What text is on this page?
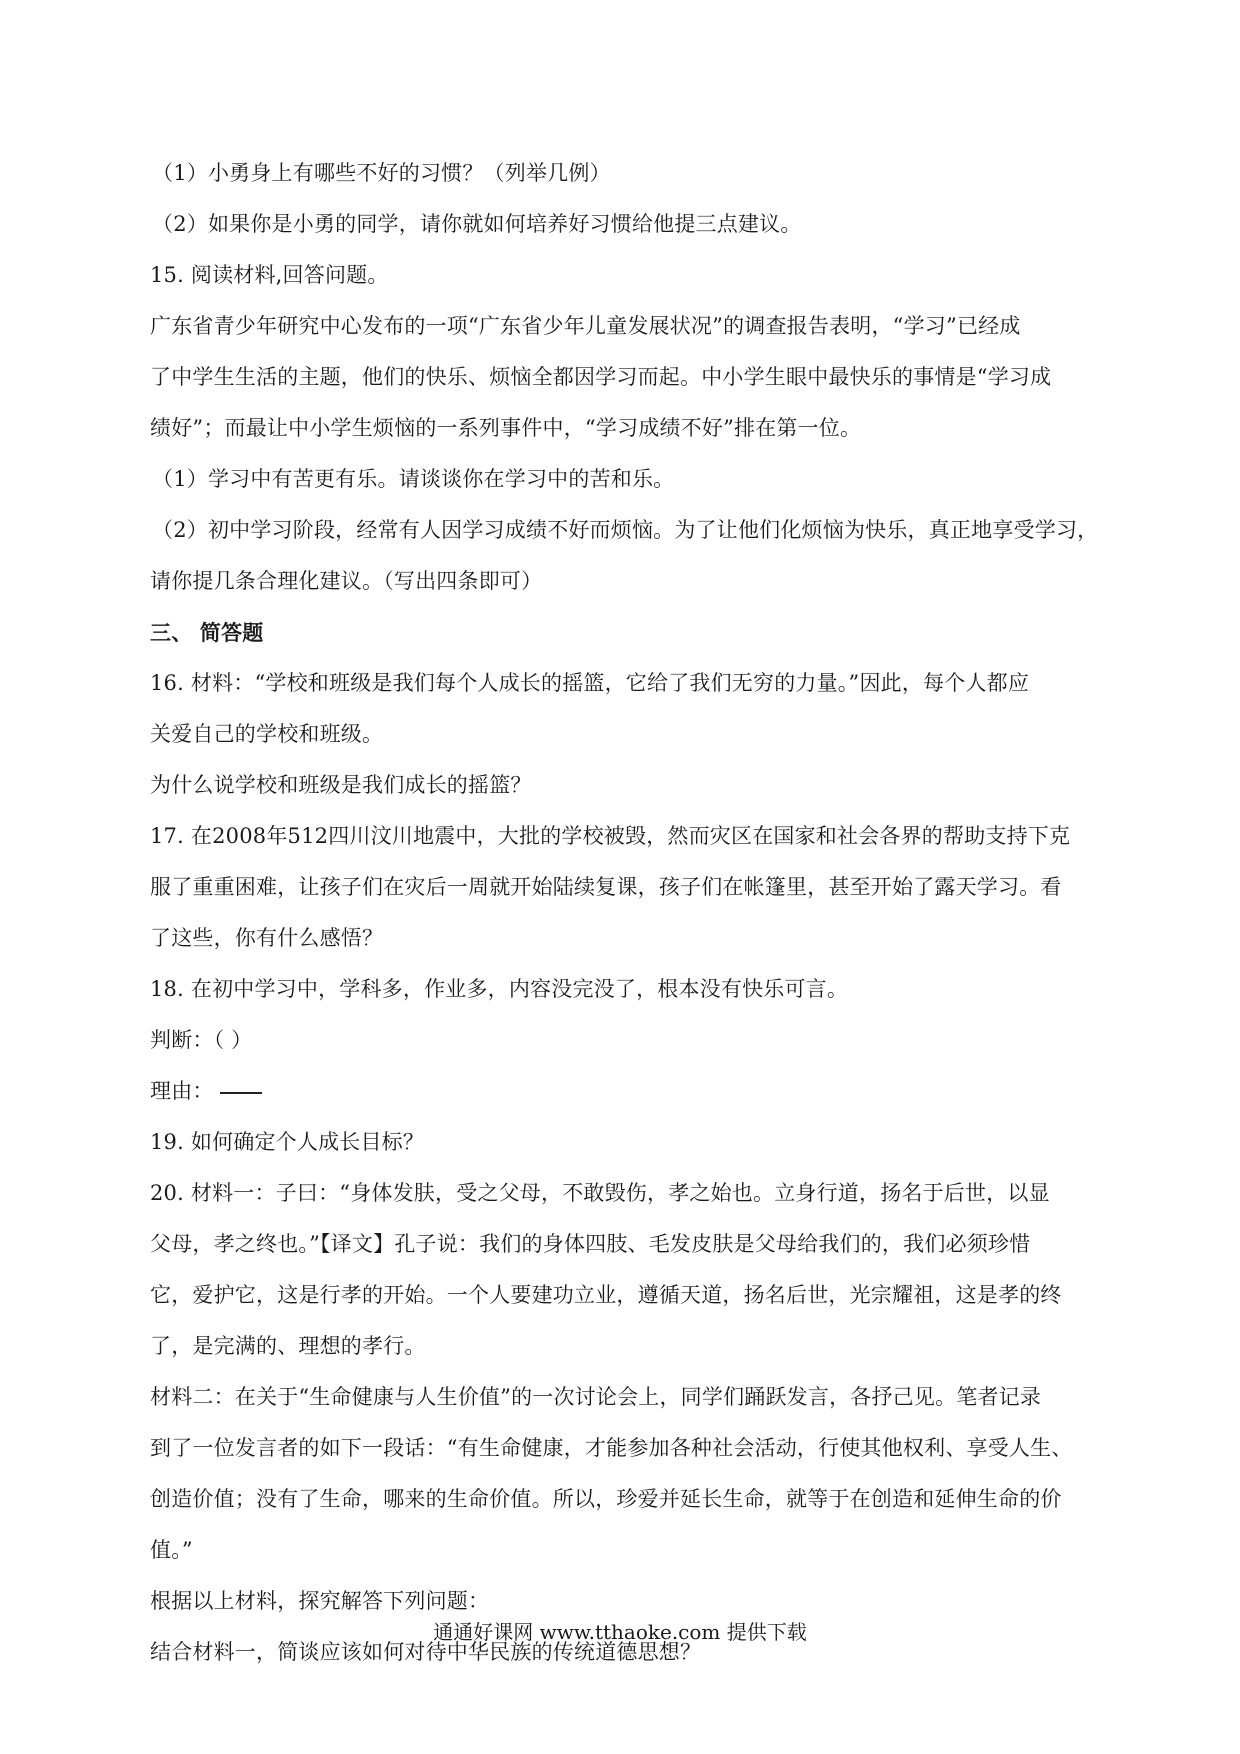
（1）小勇身上有哪些不好的习惯？（列举几例）

（2）如果你是小勇的同学，请你就如何培养好习惯给他提三点建议。

15. 阅读材料,回答问题。

广东省青少年研究中心发布的一项“广东省少年儿童发展状况”的调查报告表明，“学习”已经成

了中学生生活的主题，他们的快乐、烦恼全都因学习而起。中小学生眼中最快乐的事情是“学习成

绩好”；而最让中小学生烦恼的一系列事件中，“学习成绩不好”排在第一位。

（1）学习中有苦更有乐。请谈谈你在学习中的苦和乐。

（2）初中学习阶段，经常有人因学习成绩不好而烦恼。为了让他们化烦恼为快乐，真正地享受学习，

请你提几条合理化建议。（写出四条即可）

三、 简答题

16. 材料：“学校和班级是我们每个人成长的摇篮，它给了我们无穷的力量。”因此，每个人都应

关爱自己的学校和班级。

为什么说学校和班级是我们成长的摇篮？

17. 在2008年512四川汶川地震中，大批的学校被毁，然而灾区在国家和社会各界的帮助支持下克

服了重重困难，让孩子们在灾后一周就开始陆续复课，孩子们在帐篷里，甚至开始了露天学习。看

了这些，你有什么感悟？

18. 在初中学习中，学科多，作业多，内容没完没了，根本没有快乐可言。

判断：（ ）

理由：

19. 如何确定个人成长目标？

20. 材料一：子曰：“身体发肤，受之父母，不敢毁伤，孝之始也。立身行道，扬名于后世，以显

父母，孝之终也。”【译文】孔子说：我们的身体四肢、毛发皮肤是父母给我们的，我们必须珍惜

它，爱护它，这是行孝的开始。一个人要建功立业，遵循天道，扬名后世，光宗耀祖，这是孝的终

了，是完满的、理想的孝行。

材料二：在关于“生命健康与人生价值”的一次讨论会上，同学们踊跃发言，各抒己见。笔者记录

到了一位发言者的如下一段话：“有生命健康，才能参加各种社会活动，行使其他权利、享受人生、

创造价值；没有了生命，哪来的生命价值。所以，珍爱并延长生命，就等于在创造和延伸生命的价

值。”

根据以上材料，探究解答下列问题：

结合材料一，简谈应该如何对待中华民族的传统道德思想？

通通好课网 www.tthaoke.com 提供下载
